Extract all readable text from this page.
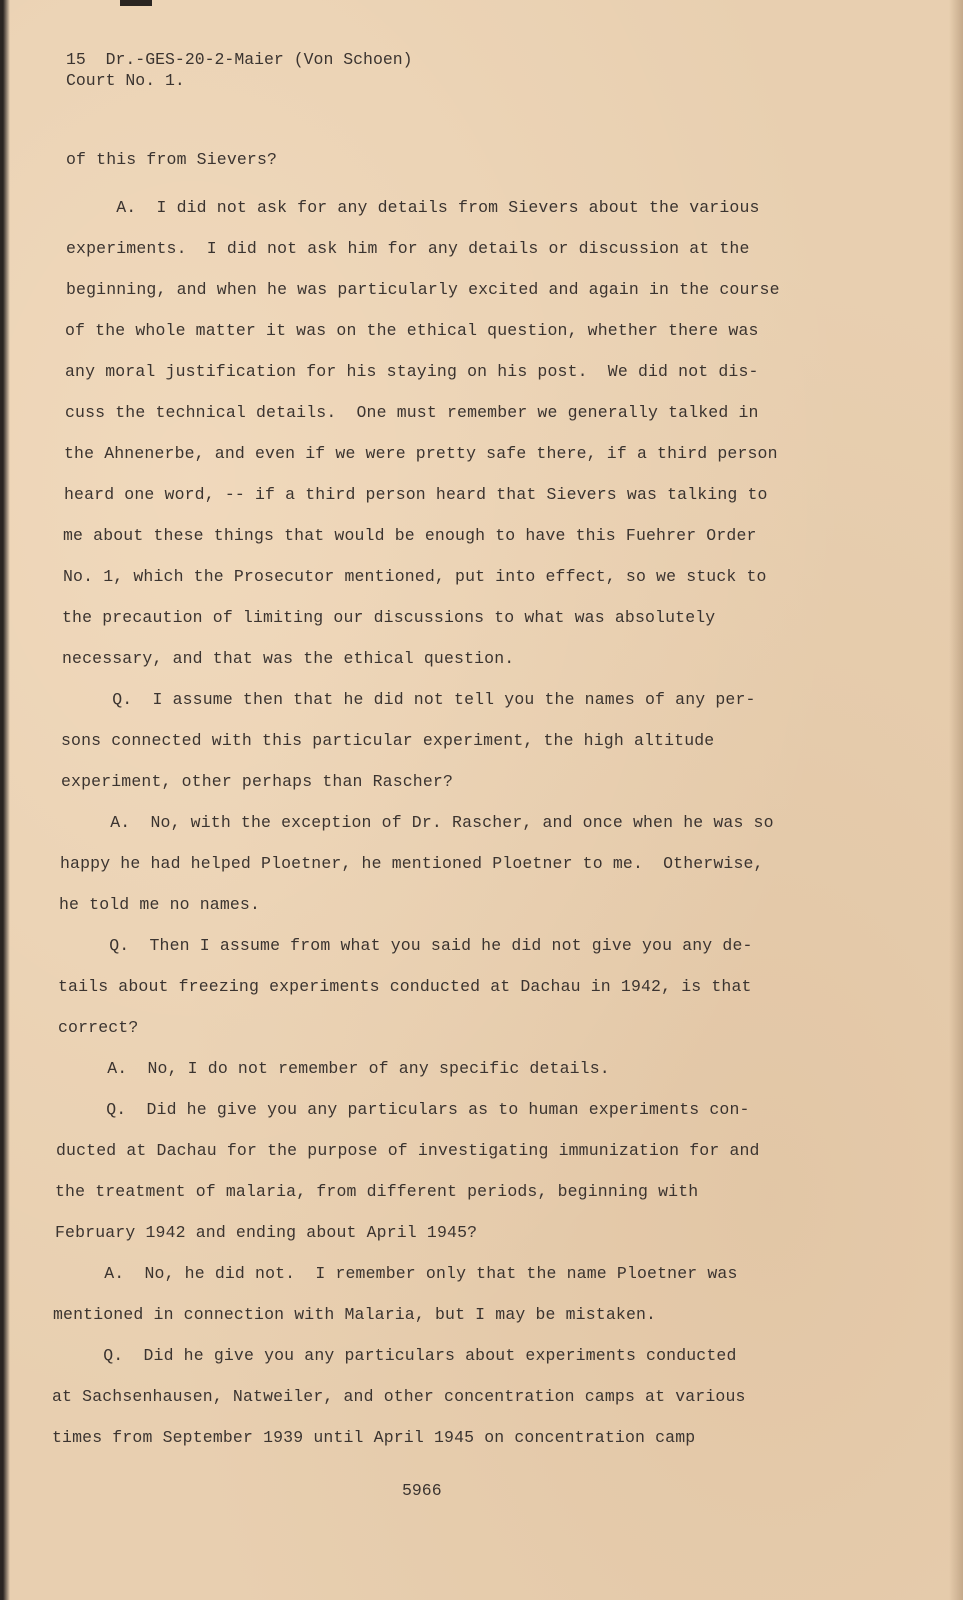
15  Dr.-GES-20-2-Maier (Von Schoen)
Court No. 1.
of this from Sievers?
A.  I did not ask for any details from Sievers about the various
experiments.  I did not ask him for any details or discussion at the
beginning, and when he was particularly excited and again in the course
of the whole matter it was on the ethical question, whether there was
any moral justification for his staying on his post.  We did not dis-
cuss the technical details.  One must remember we generally talked in
the Ahnenerbe, and even if we were pretty safe there, if a third person
heard one word, -- if a third person heard that Sievers was talking to
me about these things that would be enough to have this Fuehrer Order
No. 1, which the Prosecutor mentioned, put into effect, so we stuck to
the precaution of limiting our discussions to what was absolutely
necessary, and that was the ethical question.
Q.  I assume then that he did not tell you the names of any per-
sons connected with this particular experiment, the high altitude
experiment, other perhaps than Rascher?
A.  No, with the exception of Dr. Rascher, and once when he was so
happy he had helped Ploetner, he mentioned Ploetner to me.  Otherwise,
he told me no names.
Q.  Then I assume from what you said he did not give you any de-
tails about freezing experiments conducted at Dachau in 1942, is that
correct?
A.  No, I do not remember of any specific details.
Q.  Did he give you any particulars as to human experiments con-
ducted at Dachau for the purpose of investigating immunization for and
the treatment of malaria, from different periods, beginning with
February 1942 and ending about April 1945?
A.  No, he did not.  I remember only that the name Ploetner was
mentioned in connection with Malaria, but I may be mistaken.
Q.  Did he give you any particulars about experiments conducted
at Sachsenhausen, Natweiler, and other concentration camps at various
times from September 1939 until April 1945 on concentration camp
5966
